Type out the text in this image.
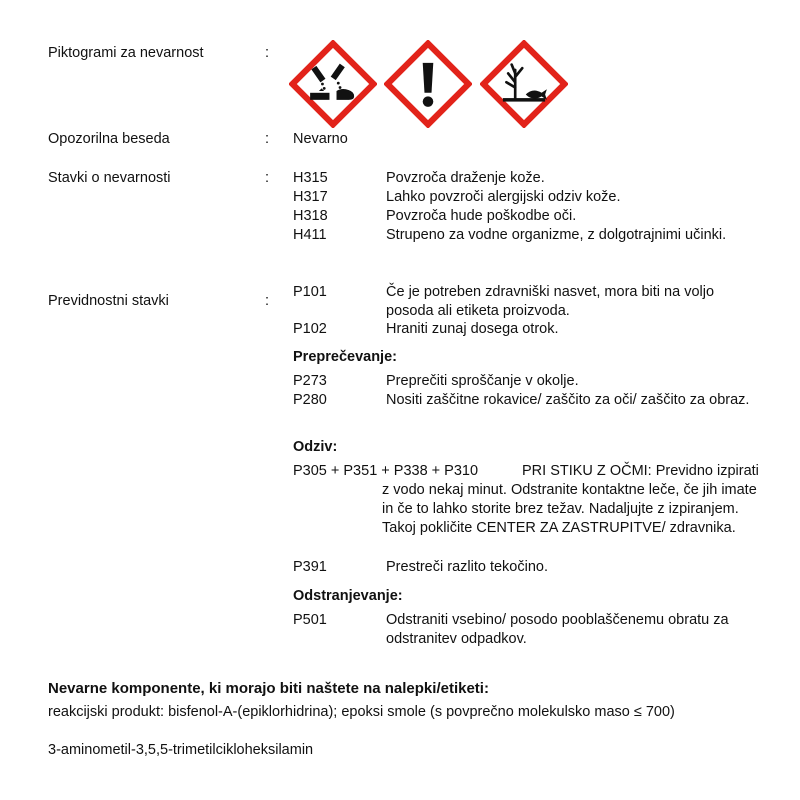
Piktogrami za nevarnost	:
Opozorilna beseda	: Nevarno
Stavki o nevarnosti	: H315	Povzroča draženje kože.
H317	Lahko povzroči alergijski odziv kože.
H318	Povzroča hude poškodbe oči.
H411	Strupeno za vodne organizme, z dolgotrajnimi učinki.
Previdnostni stavki	:
P101	Če je potreben zdravniški nasvet, mora biti na voljo posoda ali etiketa proizvoda.
P102	Hraniti zunaj dosega otrok.
Preprečevanje:
P273	Preprečiti sproščanje v okolje.
P280	Nositi zaščitne rokavice/ zaščito za oči/ zaščito za obraz.
Odziv:
P305 + P351 + P338 + P310	PRI STIKU Z OČMI: Previdno izpirati z vodo nekaj minut. Odstranite kontaktne leče, če jih imate in če to lahko storite brez težav. Nadaljujte z izpiranjem. Takoj pokličite CENTER ZA ZASTRUPITVE/ zdravnika.
P391	Prestreči razlito tekočino.
Odstranjevanje:
P501	Odstraniti vsebino/ posodo pooblaščenemu obratu za odstranitev odpadkov.
Nevarne komponente, ki morajo biti naštete na nalepki/etiketi:
reakcijski produkt: bisfenol-A-(epiklorhidrina); epoksi smole (s povprečno molekulsko maso ≤ 700)
3-aminometil-3,5,5-trimetilcikloheksilamin
